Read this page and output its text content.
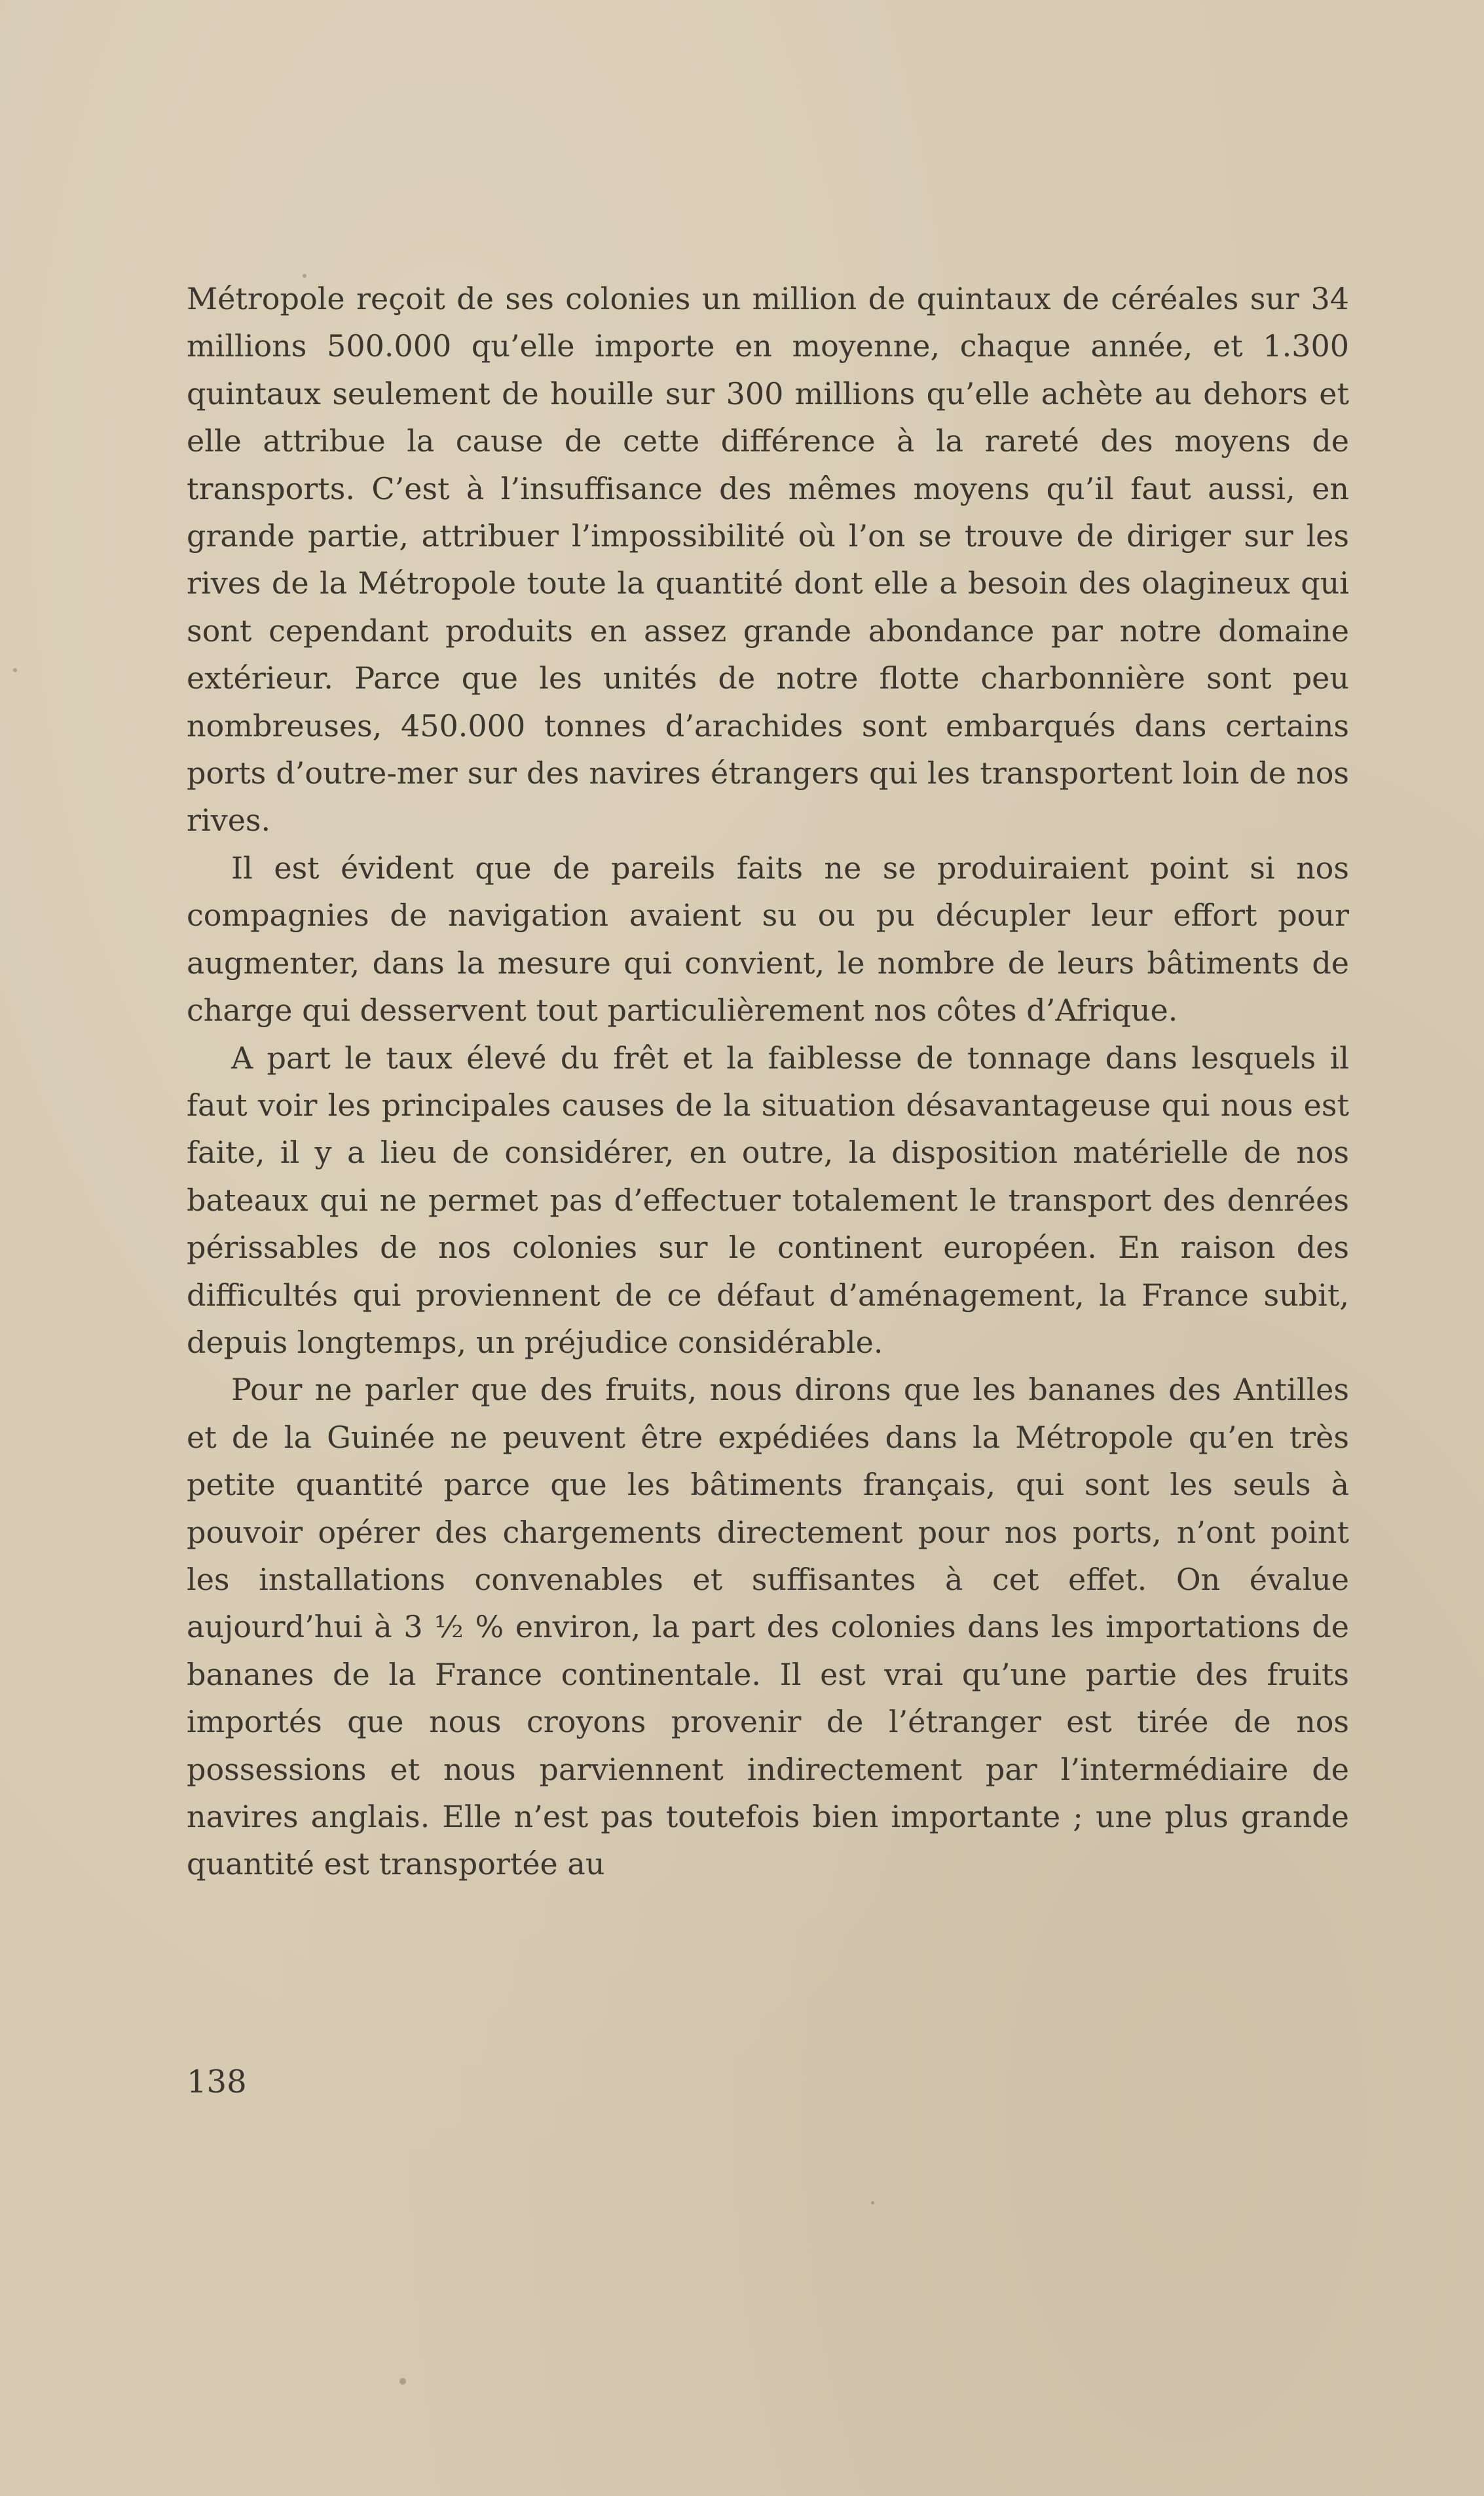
Métropole reçoit de ses colonies un million de quintaux de céréales sur 34 millions 500.000 qu’elle importe en moyenne, chaque année, et 1.300 quintaux seulement de houille sur 300 millions qu’elle achète au dehors et elle attribue la cause de cette différence à la rareté des moyens de transports. C’est à l’insuffisance des mêmes moyens qu’il faut aussi, en grande partie, attribuer l’impossibilité où l’on se trouve de diriger sur les rives de la Métropole toute la quantité dont elle a besoin des olagineux qui sont cependant produits en assez grande abondance par notre domaine extérieur. Parce que les unités de notre flotte charbonnière sont peu nombreuses, 450.000 tonnes d’arachides sont embarqués dans certains ports d’outre-mer sur des navires étrangers qui les transportent loin de nos rives.

Il est évident que de pareils faits ne se produiraient point si nos compagnies de navigation avaient su ou pu décupler leur effort pour augmenter, dans la mesure qui convient, le nombre de leurs bâtiments de charge qui desservent tout particulièrement nos côtes d’Afrique.

A part le taux élevé du frêt et la faiblesse de tonnage dans lesquels il faut voir les principales causes de la situation désavantageuse qui nous est faite, il y a lieu de considérer, en outre, la disposition matérielle de nos bateaux qui ne permet pas d’effectuer totalement le transport des denrées périssables de nos colonies sur le continent européen. En raison des difficultés qui proviennent de ce défaut d’aménagement, la France subit, depuis longtemps, un préjudice considérable.

Pour ne parler que des fruits, nous dirons que les bananes des Antilles et de la Guinée ne peuvent être expédiées dans la Métropole qu’en très petite quantité parce que les bâtiments français, qui sont les seuls à pouvoir opérer des chargements directement pour nos ports, n’ont point les installations convenables et suffisantes à cet effet. On évalue aujourd’hui à 3 ½ % environ, la part des colonies dans les importations de bananes de la France continentale. Il est vrai qu’une partie des fruits importés que nous croyons provenir de l’étranger est tirée de nos possessions et nous parviennent indirectement par l’intermédiaire de navires anglais. Elle n’est pas toutefois bien importante ; une plus grande quantité est transportée au

138
